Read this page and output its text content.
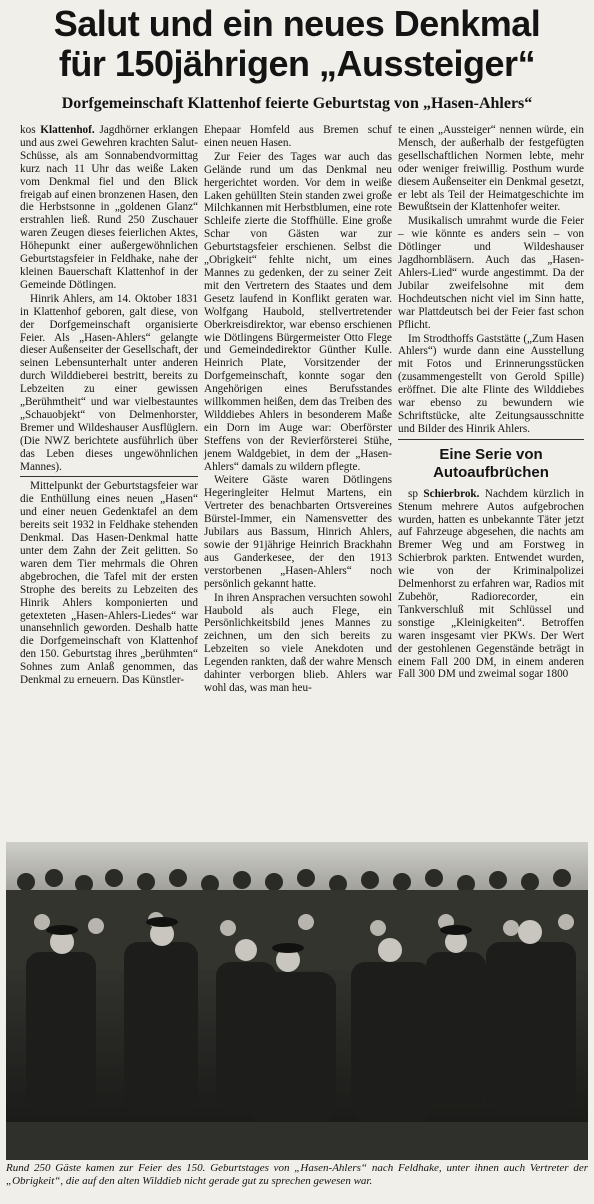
Salut und ein neues Denkmal
für 150jährigen „Aussteiger“
Dorfgemeinschaft Klattenhof feierte Geburtstag von „Hasen-Ahlers“

kos Klattenhof. Jagdhörner erklangen und aus zwei Gewehren krachten Salut-Schüsse, als am Sonnabendvormittag kurz nach 11 Uhr das weiße Laken vom Denkmal fiel und den Blick freigab auf einen bronzenen Hasen, den die Herbstsonne in „goldenen Glanz“ erstrahlen ließ. Rund 250 Zuschauer waren Zeugen dieses feierlichen Aktes, Höhepunkt einer außergewöhnlichen Geburtstagsfeier in Feldhake, nahe der kleinen Bauerschaft Klattenhof in der Gemeinde Dötlingen.

Hinrik Ahlers, am 14. Oktober 1831 in Klattenhof geboren, galt diese, von der Dorfgemeinschaft organisierte Feier. Als „Hasen-Ahlers“ gelangte dieser Außenseiter der Gesellschaft, der seinen Lebensunterhalt unter anderen durch Wilddieberei bestritt, bereits zu Lebzeiten zu einer gewissen „Berühmtheit“ und war vielbestauntes „Schauobjekt“ von Delmenhorster, Bremer und Wildeshauser Ausflüglern. (Die NWZ berichtete ausführlich über das Leben dieses ungewöhnlichen Mannes).

Mittelpunkt der Geburtstagsfeier war die Enthüllung eines neuen „Hasen“ und einer neuen Gedenktafel an dem bereits seit 1932 in Feldhake stehenden Denkmal. Das Hasen-Denkmal hatte unter dem Zahn der Zeit gelitten. So waren dem Tier mehrmals die Ohren abgebrochen, die Tafel mit der ersten Strophe des bereits zu Lebzeiten des Hinrik Ahlers komponierten und getexteten „Hasen-Ahlers-Liedes“ war unansehnlich geworden. Deshalb hatte die Dorfgemeinschaft von Klattenhof den 150. Geburtstag ihres „berühmten“ Sohnes zum Anlaß genommen, das Denkmal zu erneuern. Das Künstler-

Ehepaar Homfeld aus Bremen schuf einen neuen Hasen.

Zur Feier des Tages war auch das Gelände rund um das Denkmal neu hergerichtet worden. Vor dem in weiße Laken gehüllten Stein standen zwei große Milchkannen mit Herbstblumen, eine rote Schleife zierte die Stoffhülle. Eine große Schar von Gästen war zur Geburtstagsfeier erschienen. Selbst die „Obrigkeit“ fehlte nicht, um eines Mannes zu gedenken, der zu seiner Zeit mit den Vertretern des Staates und dem Gesetz laufend in Konflikt geraten war. Wolfgang Haubold, stellvertretender Oberkreisdirektor, war ebenso erschienen wie Dötlingens Bürgermeister Otto Flege und Gemeindedirektor Günther Kulle. Heinrich Plate, Vorsitzender der Dorfgemeinschaft, konnte sogar den Angehörigen eines Berufsstandes willkommen heißen, dem das Treiben des Wilddiebes Ahlers in besonderem Maße ein Dorn im Auge war: Oberförster Steffens von der Revierförsterei Stühe, jenem Waldgebiet, in dem der „Hasen-Ahlers“ damals zu wildern pflegte.

Weitere Gäste waren Dötlingens Hegeringleiter Helmut Martens, ein Vertreter des benachbarten Ortsvereines Bürstel-Immer, ein Namensvetter des Jubilars aus Bassum, Hinrich Ahlers, sowie der 91jährige Heinrich Brackhahn aus Ganderkesee, der den 1913 verstorbenen „Hasen-Ahlers“ noch persönlich gekannt hatte.

In ihren Ansprachen versuchten sowohl Haubold als auch Flege, ein Persönlichkeitsbild jenes Mannes zu zeichnen, um den sich bereits zu Lebzeiten so viele Anekdoten und Legenden rankten, daß der wahre Mensch dahinter verborgen blieb. Ahlers war wohl das, was man heu-

te einen „Aussteiger“ nennen würde, ein Mensch, der außerhalb der festgefügten gesellschaftlichen Normen lebte, mehr oder weniger freiwillig. Posthum wurde diesem Außenseiter ein Denkmal gesetzt, er lebt als Teil der Heimatgeschichte im Bewußtsein der Klattenhofer weiter.

Musikalisch umrahmt wurde die Feier – wie könnte es anders sein – von Dötlinger und Wildeshauser Jagdhornbläsern. Auch das „Hasen-Ahlers-Lied“ wurde angestimmt. Da der Jubilar zweifelsohne mit dem Hochdeutschen nicht viel im Sinn hatte, war Plattdeutsch bei der Feier fast schon Pflicht.

Im Strodthoffs Gaststätte („Zum Hasen Ahlers“) wurde dann eine Ausstellung mit Fotos und Erinnerungsstücken (zusammengestellt von Gerold Spille) eröffnet. Die alte Flinte des Wilddiebes war ebenso zu bewundern wie Schriftstücke, alte Zeitungsausschnitte und Bilder des Hinrik Ahlers.

Eine Serie von
Autoaufbrüchen

sp Schierbrok. Nachdem kürzlich in Stenum mehrere Autos aufgebrochen wurden, hatten es unbekannte Täter jetzt auf Fahrzeuge abgesehen, die nachts am Bremer Weg und am Forstweg in Schierbrok parkten. Entwendet wurden, wie von der Kriminalpolizei Delmenhorst zu erfahren war, Radios mit Zubehör, Radiorecorder, ein Tankverschluß mit Schlüssel und sonstige „Kleinigkeiten“. Betroffen waren insgesamt vier PKWs. Der Wert der gestohlenen Gegenstände beträgt in einem Fall 200 DM, in einem anderen Fall 300 DM und zweimal sogar 1800

Rund 250 Gäste kamen zur Feier des 150. Geburtstages von „Hasen-Ahlers“ nach Feldhake, unter ihnen auch Vertreter der „Obrigkeit“, die auf den alten Wilddieb nicht gerade gut zu sprechen gewesen war.
